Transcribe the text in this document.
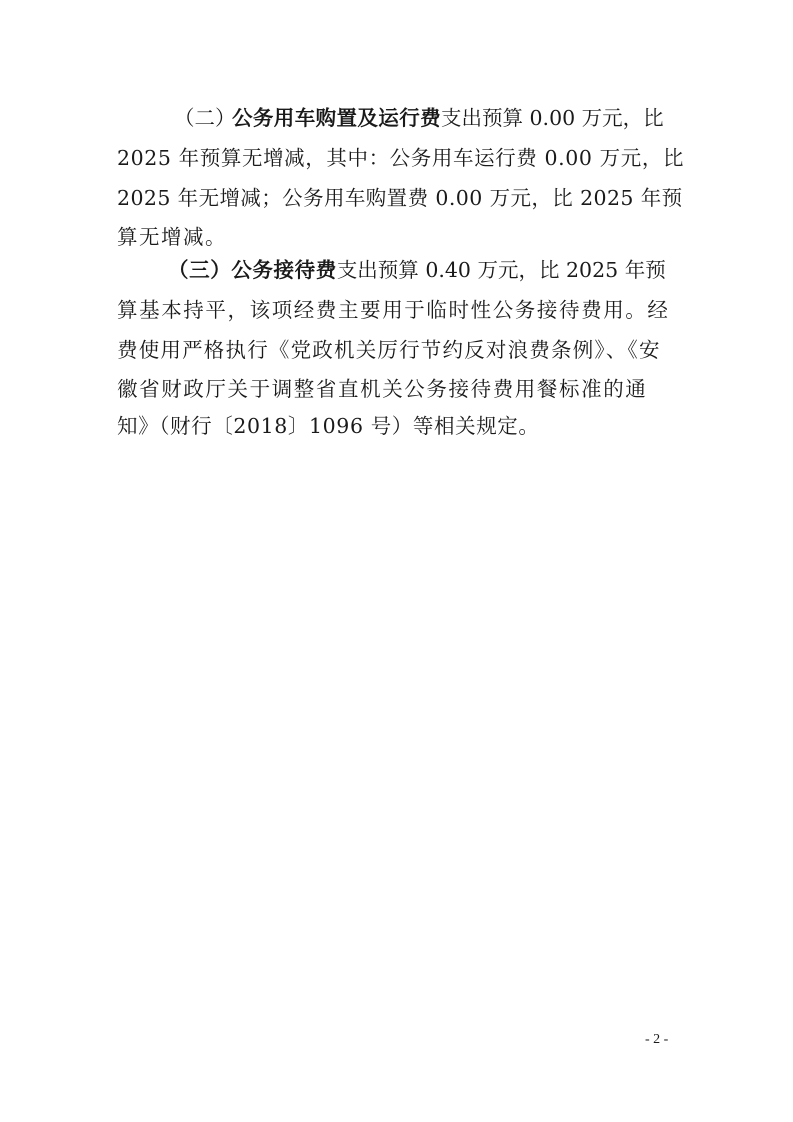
（二）公务用车购置及运行费支出预算 0.00 万元，比
2025 年预算无增减，其中：公务用车运行费 0.00 万元，比
2025 年无增减；公务用车购置费 0.00 万元，比 2025 年预
算无增减。
（三）公务接待费支出预算 0.40 万元，比 2025 年预
算基本持平，该项经费主要用于临时性公务接待费用。经
费使用严格执行《党政机关厉行节约反对浪费条例》、《安
徽省财政厅关于调整省直机关公务接待费用餐标准的通
知》（财行〔2018〕1096 号）等相关规定。
- 2 -
